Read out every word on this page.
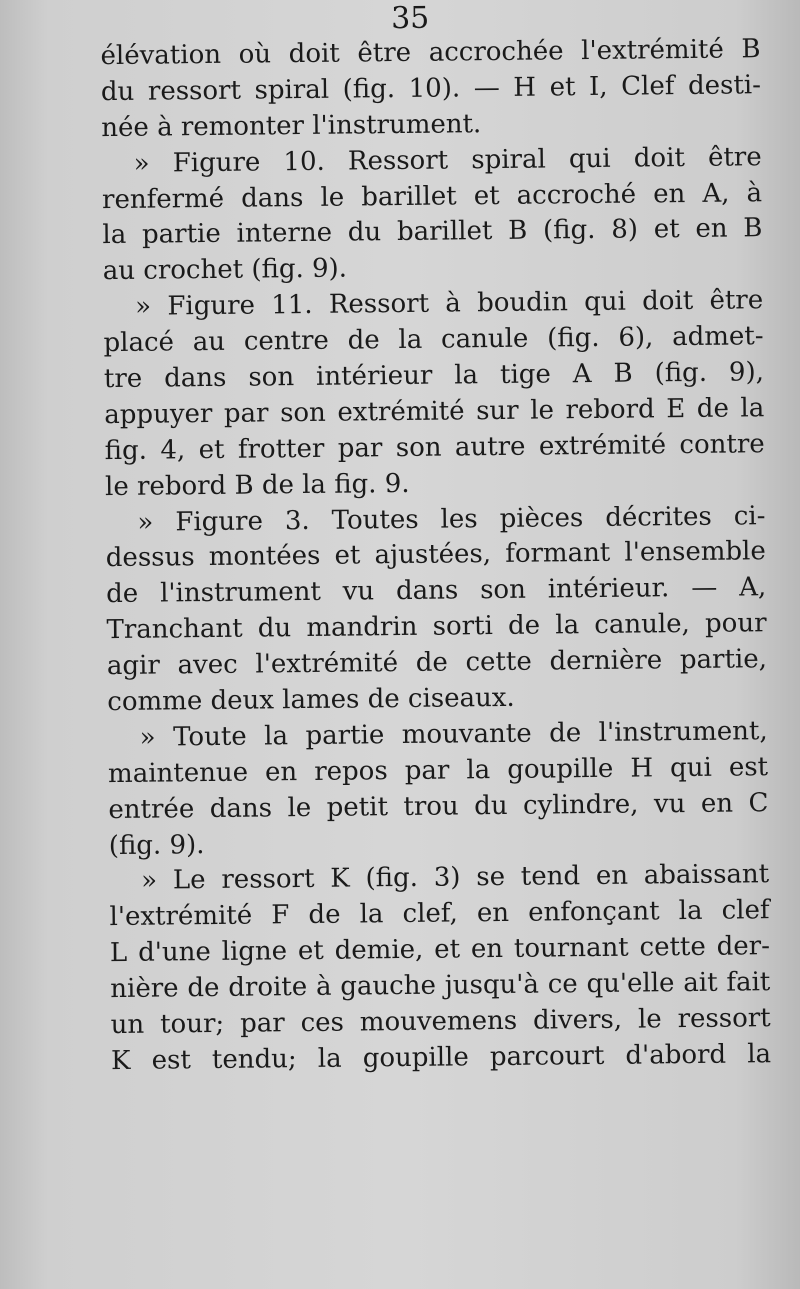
35
élévation où doit être accrochée l'extrémité B
du ressort spiral (fig. 10). — H et I, Clef desti-
née à remonter l'instrument.
» Figure 10. Ressort spiral qui doit être
renfermé dans le barillet et accroché en A, à
la partie interne du barillet B (fig. 8) et en B
au crochet (fig. 9).
» Figure 11. Ressort à boudin qui doit être
placé au centre de la canule (fig. 6), admet-
tre dans son intérieur la tige A B (fig. 9),
appuyer par son extrémité sur le rebord E de la
fig. 4, et frotter par son autre extrémité contre
le rebord B de la fig. 9.
» Figure 3. Toutes les pièces décrites ci-
dessus montées et ajustées, formant l'ensemble
de l'instrument vu dans son intérieur. — A,
Tranchant du mandrin sorti de la canule, pour
agir avec l'extrémité de cette dernière partie,
comme deux lames de ciseaux.
» Toute la partie mouvante de l'instrument,
maintenue en repos par la goupille H qui est
entrée dans le petit trou du cylindre, vu en C
(fig. 9).
» Le ressort K (fig. 3) se tend en abaissant
l'extrémité F de la clef, en enfonçant la clef
L d'une ligne et demie, et en tournant cette der-
nière de droite à gauche jusqu'à ce qu'elle ait fait
un tour; par ces mouvemens divers, le ressort
K est tendu; la goupille parcourt d'abord la
